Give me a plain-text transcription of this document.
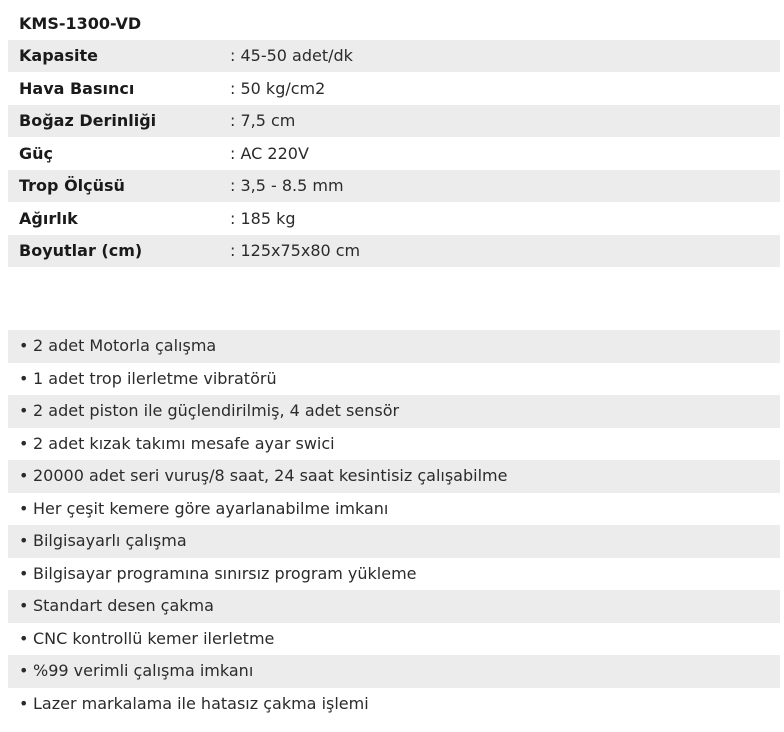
KMS-1300-VD	
Kapasite	: 45-50 adet/dk
Hava Basıncı	: 50 kg/cm2
Boğaz Derinliği	: 7,5 cm
Güç	: AC 220V
Trop Ölçüsü	: 3,5 - 8.5 mm
Ağırlık	: 185 kg
Boyutlar (cm)	: 125x75x80 cm
• 2 adet Motorla çalışma
• 1 adet trop ilerletme vibratörü
• 2 adet piston ile güçlendirilmiş, 4 adet sensör
• 2 adet kızak takımı mesafe ayar swici
• 20000 adet seri vuruş/8 saat, 24 saat kesintisiz çalışabilme
• Her çeşit kemere göre ayarlanabilme imkanı
• Bilgisayarlı çalışma
• Bilgisayar programına sınırsız program yükleme
• Standart desen çakma
• CNC kontrollü kemer ilerletme
• %99 verimli çalışma imkanı
• Lazer markalama ile hatasız çakma işlemi
